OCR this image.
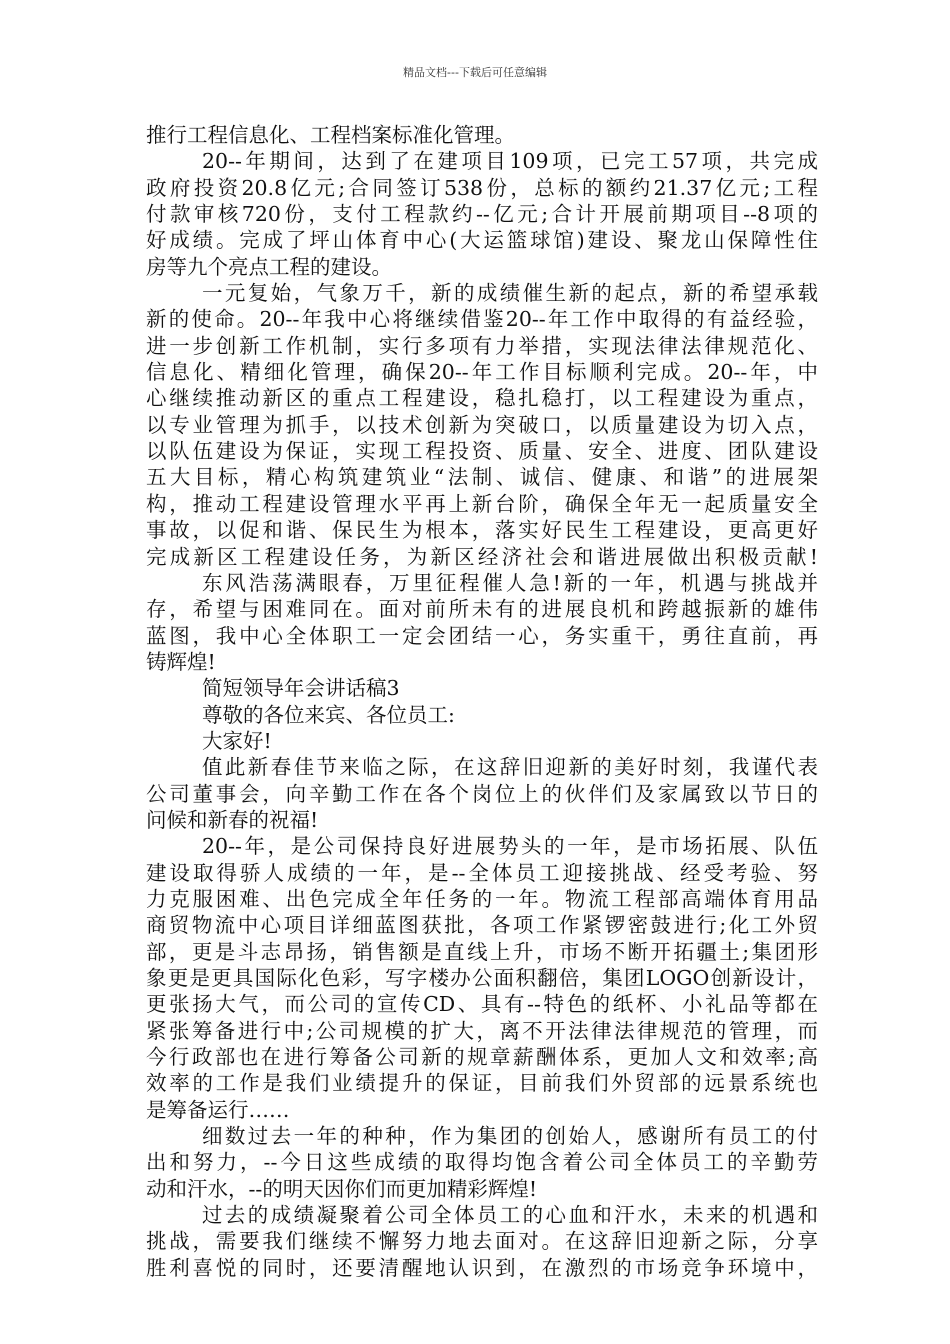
精品文档---下载后可任意编辑
推行工程信息化、工程档案标准化管理。
20--年期间，达到了在建项目109项，已完工57项，共完成
政府投资20.8亿元;合同签订538份，总标的额约21.37亿元;工程
付款审核720份，支付工程款约--亿元;合计开展前期项目--8项的
好成绩。完成了坪山体育中心(大运篮球馆)建设、聚龙山保障性住
房等九个亮点工程的建设。
一元复始，气象万千，新的成绩催生新的起点，新的希望承载
新的使命。20--年我中心将继续借鉴20--年工作中取得的有益经验，
进一步创新工作机制，实行多项有力举措，实现法律法律规范化、
信息化、精细化管理，确保20--年工作目标顺利完成。20--年，中
心继续推动新区的重点工程建设，稳扎稳打，以工程建设为重点，
以专业管理为抓手，以技术创新为突破口，以质量建设为切入点，
以队伍建设为保证，实现工程投资、质量、安全、进度、团队建设
五大目标，精心构筑建筑业“法制、诚信、健康、和谐”的进展架
构，推动工程建设管理水平再上新台阶，确保全年无一起质量安全
事故，以促和谐、保民生为根本，落实好民生工程建设，更高更好
完成新区工程建设任务，为新区经济社会和谐进展做出积极贡献!
东风浩荡满眼春，万里征程催人急!新的一年，机遇与挑战并
存，希望与困难同在。面对前所未有的进展良机和跨越振新的雄伟
蓝图，我中心全体职工一定会团结一心，务实重干，勇往直前，再
铸辉煌!
简短领导年会讲话稿3
尊敬的各位来宾、各位员工:
大家好!
值此新春佳节来临之际，在这辞旧迎新的美好时刻，我谨代表
公司董事会，向辛勤工作在各个岗位上的伙伴们及家属致以节日的
问候和新春的祝福!
20--年，是公司保持良好进展势头的一年，是市场拓展、队伍
建设取得骄人成绩的一年，是--全体员工迎接挑战、经受考验、努
力克服困难、出色完成全年任务的一年。物流工程部高端体育用品
商贸物流中心项目详细蓝图获批，各项工作紧锣密鼓进行;化工外贸
部，更是斗志昂扬，销售额是直线上升，市场不断开拓疆土;集团形
象更是更具国际化色彩，写字楼办公面积翻倍，集团LOGO创新设计，
更张扬大气，而公司的宣传CD、具有--特色的纸杯、小礼品等都在
紧张筹备进行中;公司规模的扩大，离不开法律法律规范的管理，而
今行政部也在进行筹备公司新的规章薪酬体系，更加人文和效率;高
效率的工作是我们业绩提升的保证，目前我们外贸部的远景系统也
是筹备运行……
细数过去一年的种种，作为集团的创始人，感谢所有员工的付
出和努力，--今日这些成绩的取得均饱含着公司全体员工的辛勤劳
动和汗水，--的明天因你们而更加精彩辉煌!
过去的成绩凝聚着公司全体员工的心血和汗水，未来的机遇和
挑战，需要我们继续不懈努力地去面对。在这辞旧迎新之际，分享
胜利喜悦的同时，还要清醒地认识到，在激烈的市场竞争环境中，
